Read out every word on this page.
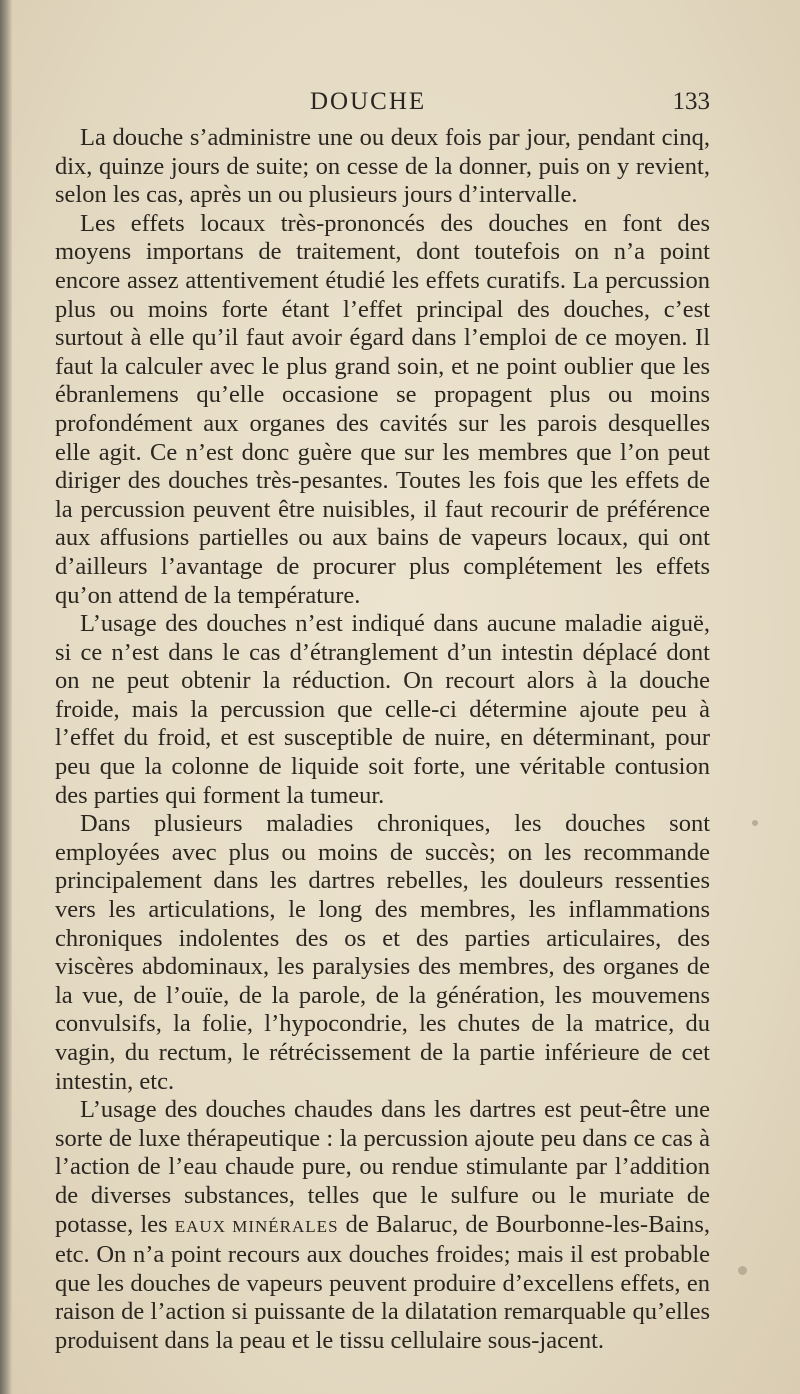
DOUCHE	133

La douche s’administre une ou deux fois par jour, pendant cinq, dix, quinze jours de suite; on cesse de la donner, puis on y revient, selon les cas, après un ou plusieurs jours d’intervalle.

Les effets locaux très-prononcés des douches en font des moyens importans de traitement, dont toutefois on n’a point encore assez attentivement étudié les effets curatifs. La percussion plus ou moins forte étant l’effet principal des douches, c’est surtout à elle qu’il faut avoir égard dans l’emploi de ce moyen. Il faut la calculer avec le plus grand soin, et ne point oublier que les ébranlemens qu’elle occasione se propagent plus ou moins profondément aux organes des cavités sur les parois desquelles elle agit. Ce n’est donc guère que sur les membres que l’on peut diriger des douches très-pesantes. Toutes les fois que les effets de la percussion peuvent être nuisibles, il faut recourir de préférence aux affusions partielles ou aux bains de vapeurs locaux, qui ont d’ailleurs l’avantage de procurer plus complétement les effets qu’on attend de la température.

L’usage des douches n’est indiqué dans aucune maladie aiguë, si ce n’est dans le cas d’étranglement d’un intestin déplacé dont on ne peut obtenir la réduction. On recourt alors à la douche froide, mais la percussion que celle-ci détermine ajoute peu à l’effet du froid, et est susceptible de nuire, en déterminant, pour peu que la colonne de liquide soit forte, une véritable contusion des parties qui forment la tumeur.

Dans plusieurs maladies chroniques, les douches sont employées avec plus ou moins de succès; on les recommande principalement dans les dartres rebelles, les douleurs ressenties vers les articulations, le long des membres, les inflammations chroniques indolentes des os et des parties articulaires, des viscères abdominaux, les paralysies des membres, des organes de la vue, de l’ouïe, de la parole, de la génération, les mouvemens convulsifs, la folie, l’hypocondrie, les chutes de la matrice, du vagin, du rectum, le rétrécissement de la partie inférieure de cet intestin, etc.

L’usage des douches chaudes dans les dartres est peut-être une sorte de luxe thérapeutique : la percussion ajoute peu dans ce cas à l’action de l’eau chaude pure, ou rendue stimulante par l’addition de diverses substances, telles que le sulfure ou le muriate de potasse, les EAUX MINÉRALES de Balaruc, de Bourbonne-les-Bains, etc. On n’a point recours aux douches froides; mais il est probable que les douches de vapeurs peuvent produire d’excellens effets, en raison de l’action si puissante de la dilatation remarquable qu’elles produisent dans la peau et le tissu cellulaire sous-jacent.
